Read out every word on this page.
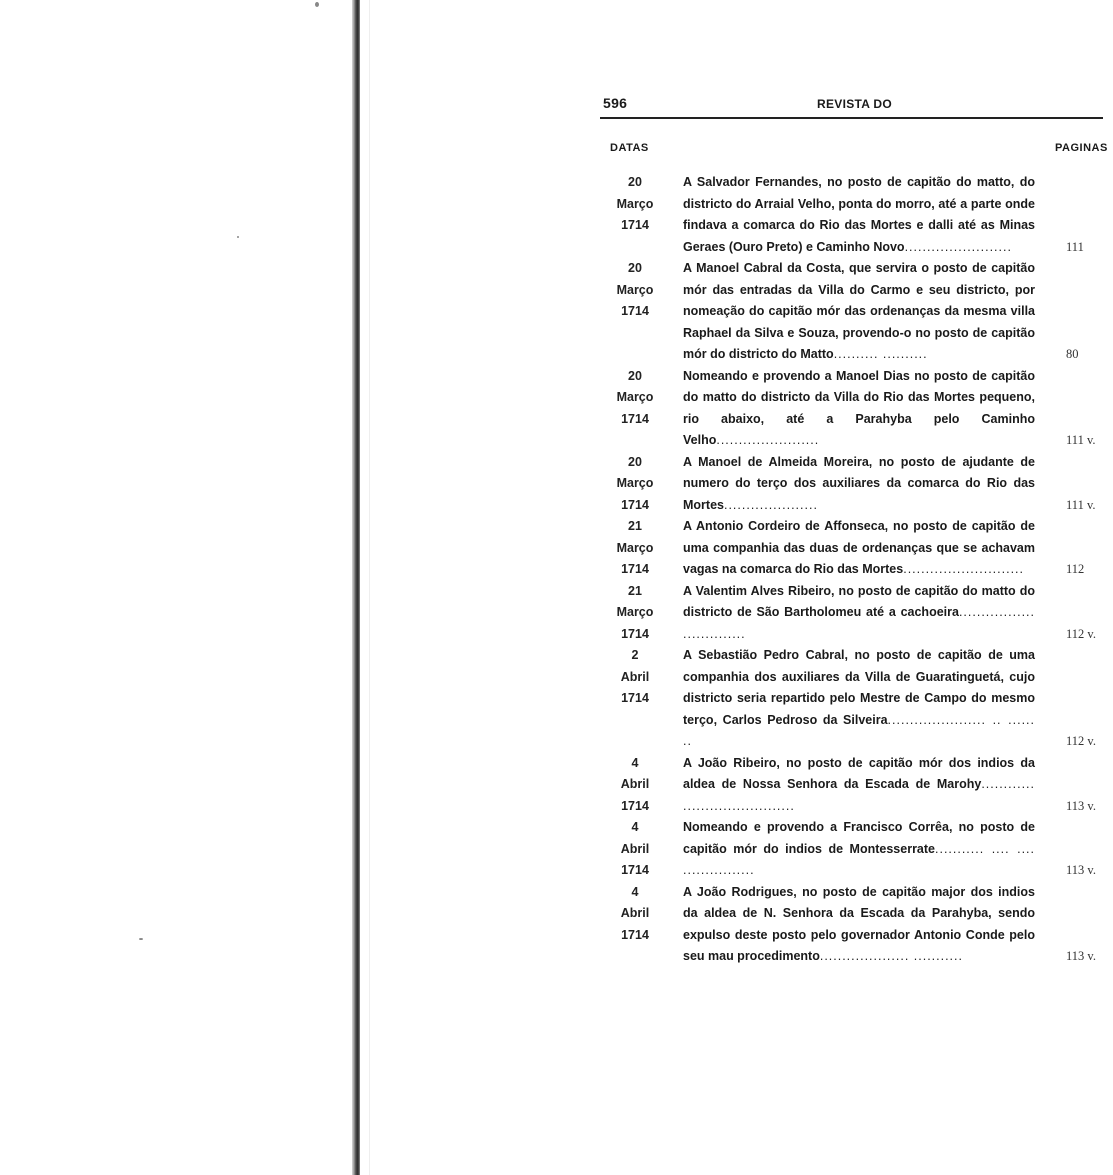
596	REVISTA DO
DATAS	PAGINAS
20
Março
1714
A Salvador Fernandes, no posto de capitão do matto, do districto do Arraial Velho, ponta do morro, até a parte onde findava a comarca do Rio das Mortes e dalli até as Minas Geraes (Ouro Preto) e Caminho Novo........................	111
20
Março
1714
A Manoel Cabral da Costa, que servira o posto de capitão mór das entradas da Villa do Carmo e seu districto, por nomeação do capitão mór das ordenanças da mesma villa Raphael da Silva e Souza, provendo-o no posto de capitão mór do districto do Matto.......... ..........	80
20
Março
1714
Nomeando e provendo a Manoel Dias no posto de capitão do matto do districto da Villa do Rio das Mortes pequeno, rio abaixo, até a Parahyba pelo Caminho Velho.......................	111 v.
20
Março
1714
A Manoel de Almeida Moreira, no posto de ajudante de numero do terço dos auxiliares da comarca do Rio das Mortes.....................	111 v.
21
Março
1714
A Antonio Cordeiro de Affonseca, no posto de capitão de uma companhia das duas de ordenanças que se achavam vagas na comarca do Rio das Mortes...........................	112
21
Março
1714
A Valentim Alves Ribeiro, no posto de capitão do matto do districto de São Bartholomeu até a cachoeira................. ..............	112 v.
2
Abril
1714
A Sebastião Pedro Cabral, no posto de capitão de uma companhia dos auxiliares da Villa de Guaratinguetá, cujo districto seria repartido pelo Mestre de Campo do mesmo terço, Carlos Pedroso da Silveira...................... .. ...... ..	112 v.
4
Abril
1714
A João Ribeiro, no posto de capitão mór dos indios da aldea de Nossa Senhora da Escada de Marohy............ .........................	113 v.
4
Abril
1714
Nomeando e provendo a Francisco Corrêa, no posto de capitão mór do indios de Montesserrate........... .... .... ................	113 v.
4
Abril
1714
A João Rodrigues, no posto de capitão major dos indios da aldea de N. Senhora da Escada da Parahyba, sendo expulso deste posto pelo governador Antonio Conde pelo seu mau procedimento.................... ...........	113 v.
